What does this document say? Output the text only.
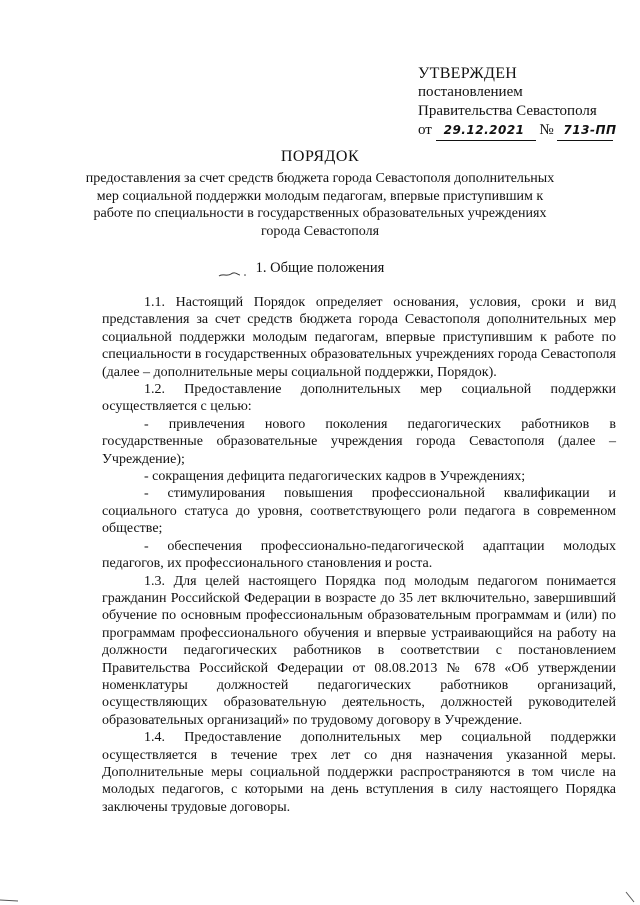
УТВЕРЖДЕН
постановлением
Правительства Севастополя
от 29.12.2021 № 713-ПП
ПОРЯДОК
предоставления за счет средств бюджета города Севастополя дополнительных мер социальной поддержки молодым педагогам, впервые приступившим к работе по специальности в государственных образовательных учреждениях города Севастополя
1. Общие положения

1.1. Настоящий Порядок определяет основания, условия, сроки и вид представления за счет средств бюджета города Севастополя дополнительных мер социальной поддержки молодым педагогам, впервые приступившим к работе по специальности в государственных образовательных учреждениях города Севастополя (далее – дополнительные меры социальной поддержки, Порядок).

1.2. Предоставление дополнительных мер социальной поддержки осуществляется с целью:

- привлечения нового поколения педагогических работников в государственные образовательные учреждения города Севастополя (далее – Учреждение);

- сокращения дефицита педагогических кадров в Учреждениях;

- стимулирования повышения профессиональной квалификации и социального статуса до уровня, соответствующего роли педагога в современном обществе;

- обеспечения профессионально-педагогической адаптации молодых педагогов, их профессионального становления и роста.

1.3. Для целей настоящего Порядка под молодым педагогом понимается гражданин Российской Федерации в возрасте до 35 лет включительно, завершивший обучение по основным профессиональным образовательным программам и (или) по программам профессионального обучения и впервые устраивающийся на работу на должности педагогических работников в соответствии с постановлением Правительства Российской Федерации от 08.08.2013 № 678 «Об утверждении номенклатуры должностей педагогических работников организаций, осуществляющих образовательную деятельность, должностей руководителей образовательных организаций» по трудовому договору в Учреждение.

1.4. Предоставление дополнительных мер социальной поддержки осуществляется в течение трех лет со дня назначения указанной меры. Дополнительные меры социальной поддержки распространяются в том числе на молодых педагогов, с которыми на день вступления в силу настоящего Порядка заключены трудовые договоры.
